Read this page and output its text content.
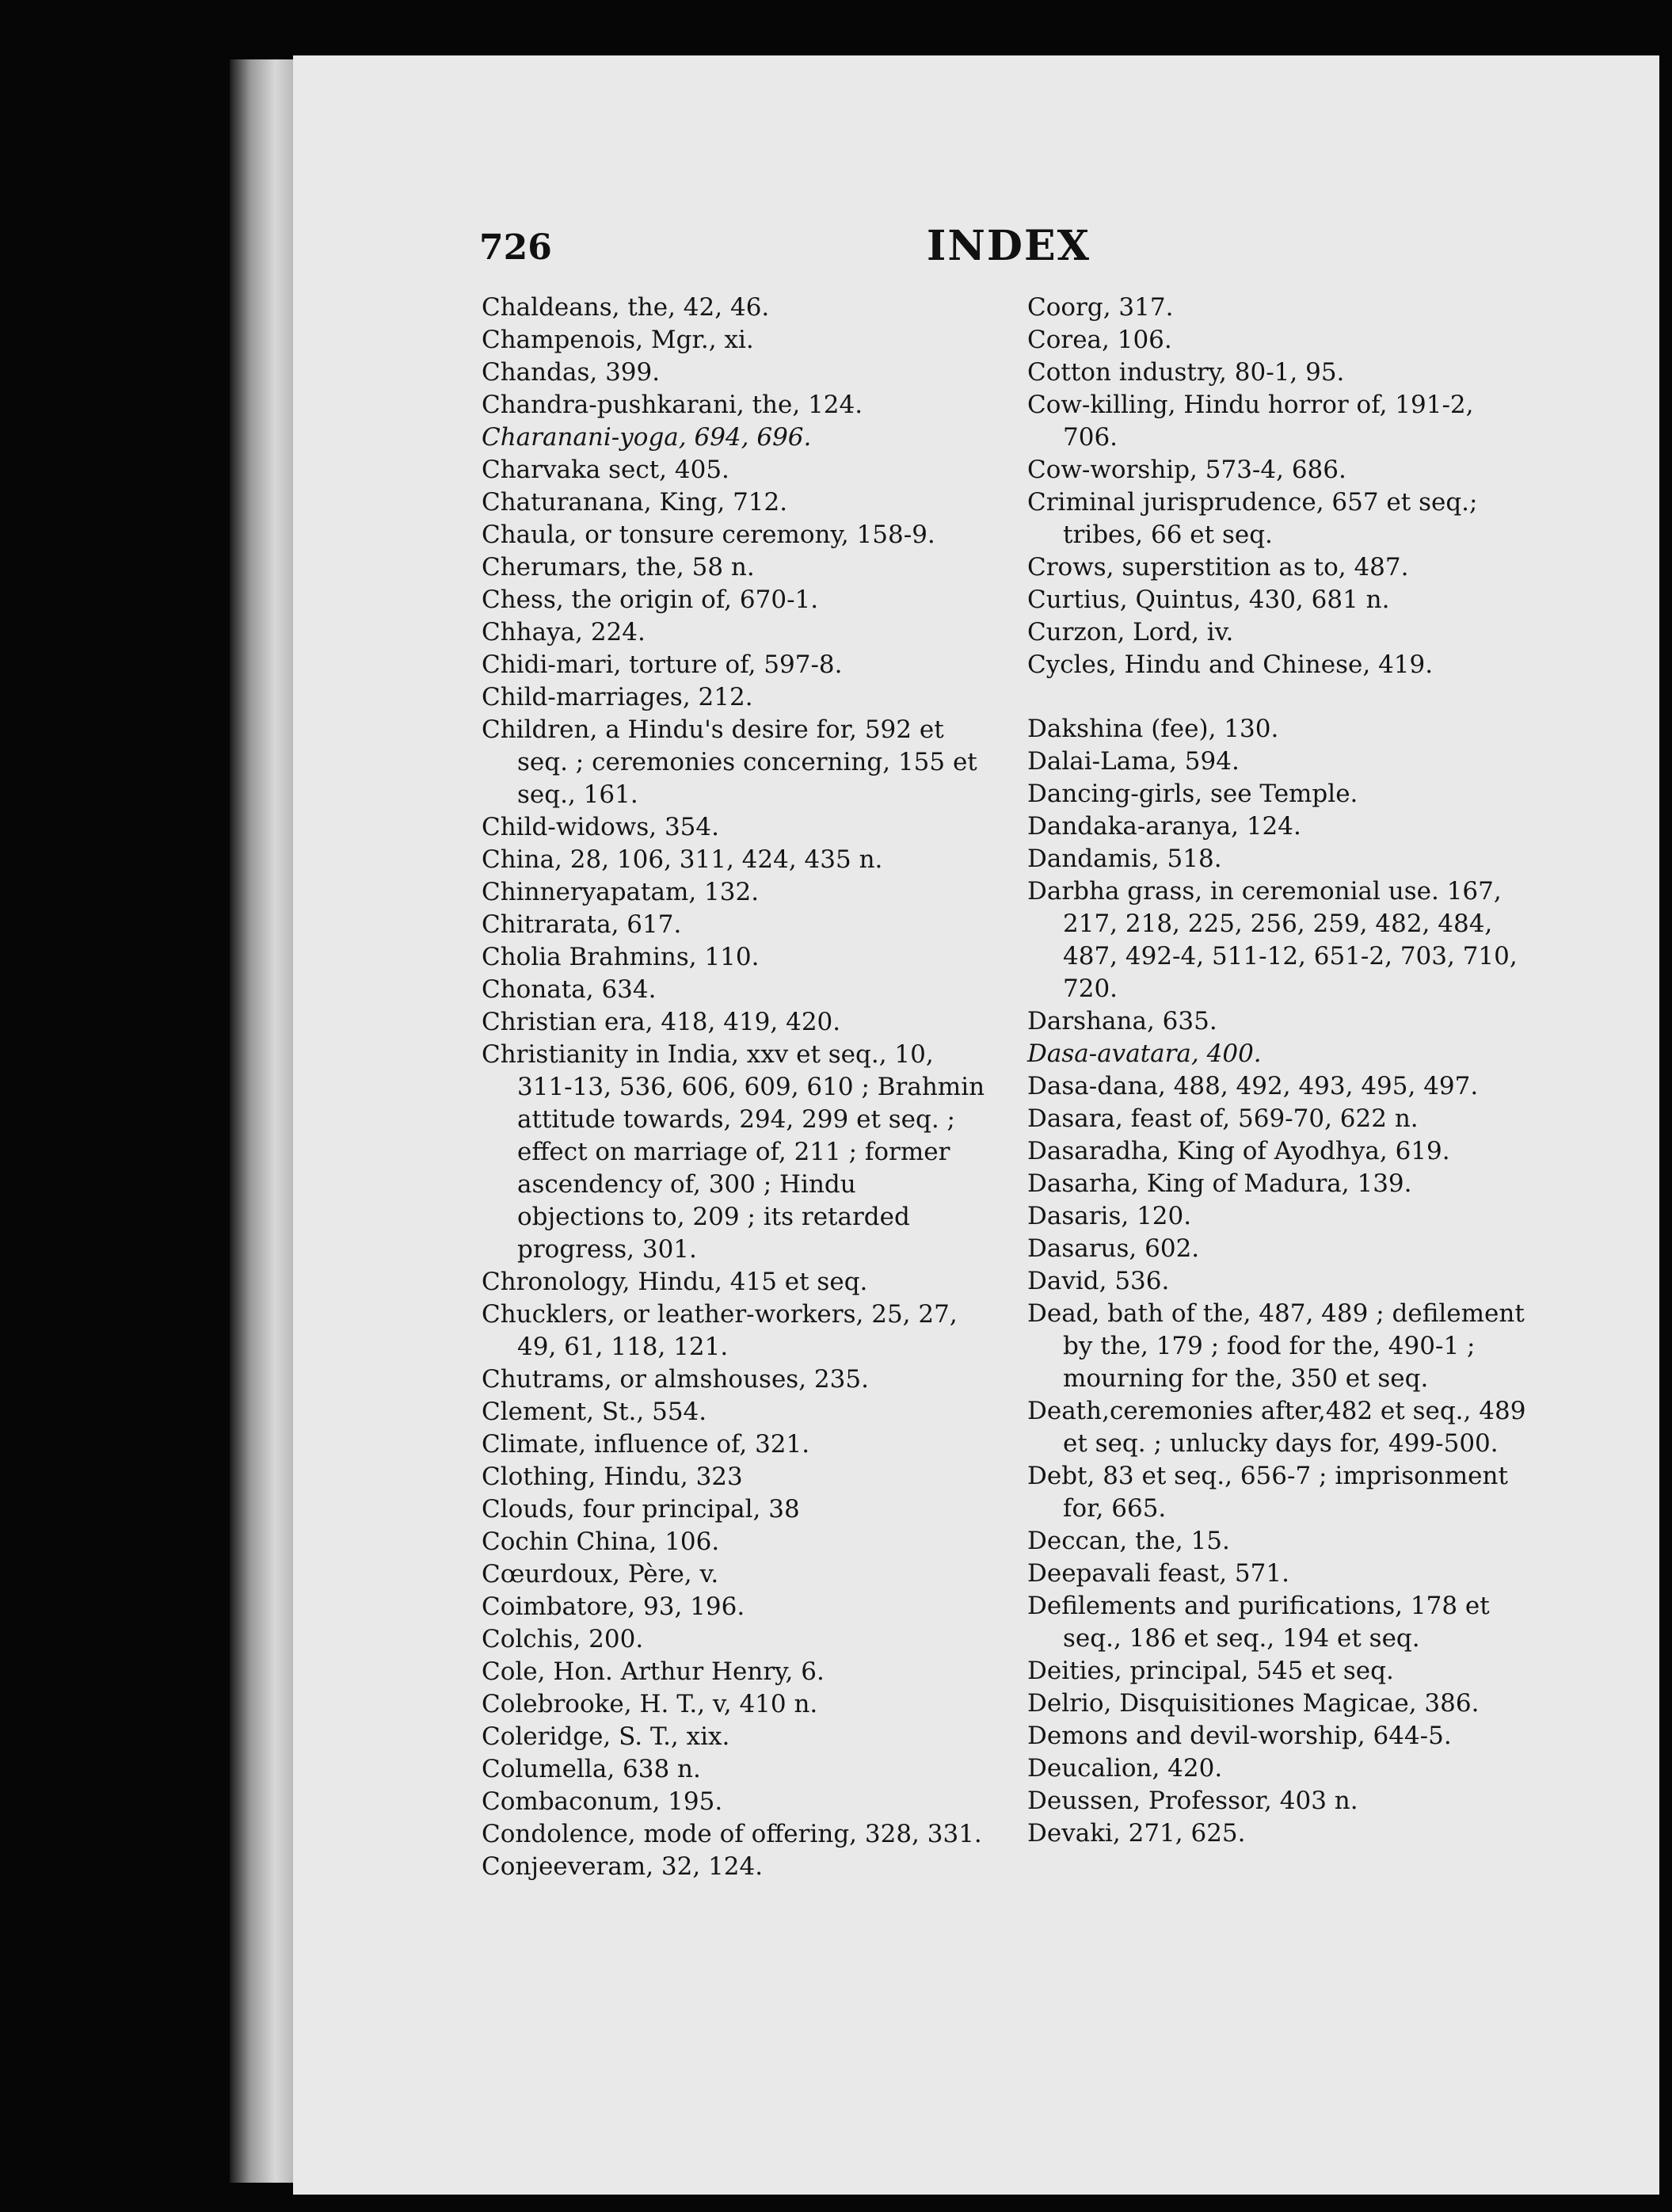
726	INDEX
Chaldeans, the, 42, 46.
Champenois, Mgr., xi.
Chandas, 399.
Chandra-pushkarani, the, 124.
Charanani-yoga, 694, 696.
Charvaka sect, 405.
Chaturanana, King, 712.
Chaula, or tonsure ceremony, 158-9.
Cherumars, the, 58 n.
Chess, the origin of, 670-1.
Chhaya, 224.
Chidi-mari, torture of, 597-8.
Child-marriages, 212.
Children, a Hindu's desire for, 592 et seq. ; ceremonies concerning, 155 et seq., 161.
Child-widows, 354.
China, 28, 106, 311, 424, 435 n.
Chinneryapatam, 132.
Chitrarata, 617.
Cholia Brahmins, 110.
Chonata, 634.
Christian era, 418, 419, 420.
Christianity in India, xxv et seq., 10, 311-13, 536, 606, 609, 610 ; Brahmin attitude towards, 294, 299 et seq. ; effect on marriage of, 211 ; former ascendency of, 300 ; Hindu objections to, 209 ; its retarded progress, 301.
Chronology, Hindu, 415 et seq.
Chucklers, or leather-workers, 25, 27, 49, 61, 118, 121.
Chutrams, or almshouses, 235.
Clement, St., 554.
Climate, influence of, 321.
Clothing, Hindu, 323
Clouds, four principal, 38
Cochin China, 106.
Cœurdoux, Père, v.
Coimbatore, 93, 196.
Colchis, 200.
Cole, Hon. Arthur Henry, 6.
Colebrooke, H. T., v, 410 n.
Coleridge, S. T., xix.
Columella, 638 n.
Combaconum, 195.
Condolence, mode of offering, 328, 331.
Conjeeveram, 32, 124.
Coorg, 317.
Corea, 106.
Cotton industry, 80-1, 95.
Cow-killing, Hindu horror of, 191-2, 706.
Cow-worship, 573-4, 686.
Criminal jurisprudence, 657 et seq.; tribes, 66 et seq.
Crows, superstition as to, 487.
Curtius, Quintus, 430, 681 n.
Curzon, Lord, iv.
Cycles, Hindu and Chinese, 419.
Dakshina (fee), 130.
Dalai-Lama, 594.
Dancing-girls, see Temple.
Dandaka-aranya, 124.
Dandamis, 518.
Darbha grass, in ceremonial use. 167, 217, 218, 225, 256, 259, 482, 484, 487, 492-4, 511-12, 651-2, 703, 710, 720.
Darshana, 635.
Dasa-avatara, 400.
Dasa-dana, 488, 492, 493, 495, 497.
Dasara, feast of, 569-70, 622 n.
Dasaradha, King of Ayodhya, 619.
Dasarha, King of Madura, 139.
Dasaris, 120.
Dasarus, 602.
David, 536.
Dead, bath of the, 487, 489 ; defilement by the, 179 ; food for the, 490-1 ; mourning for the, 350 et seq.
Death,ceremonies after,482 et seq., 489 et seq. ; unlucky days for, 499-500.
Debt, 83 et seq., 656-7 ; imprisonment for, 665.
Deccan, the, 15.
Deepavali feast, 571.
Defilements and purifications, 178 et seq., 186 et seq., 194 et seq.
Deities, principal, 545 et seq.
Delrio, Disquisitiones Magicae, 386.
Demons and devil-worship, 644-5.
Deucalion, 420.
Deussen, Professor, 403 n.
Devaki, 271, 625.
